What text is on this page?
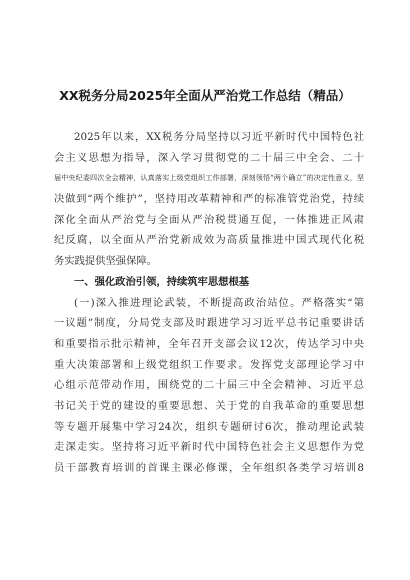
XX税务分局2025年全面从严治党工作总结（精品）
2025年以来，XX税务分局坚持以习近平新时代中国特色社
会主义思想为指导，深入学习贯彻党的二十届三中全会、二十
届中央纪委四次全会精神，认真落实上级党组织工作部署，深刻领悟“两个确立”的决定性意义，坚
决做到“两个维护”，坚持用改革精神和严的标准管党治党，持续
深化全面从严治党与全面从严治税贯通互促，一体推进正风肃
纪反腐，以全面从严治党新成效为高质量推进中国式现代化税
务实践提供坚强保障。
一、强化政治引领，持续筑牢思想根基
(一)深入推进理论武装，不断提高政治站位。严格落实“第
一议题”制度，分局党支部及时跟进学习习近平总书记重要讲话
和重要指示批示精神，全年召开支部会议12次，传达学习中央
重大决策部署和上级党组织工作要求。发挥党支部理论学习中
心组示范带动作用，围绕党的二十届三中全会精神、习近平总
书记关于党的建设的重要思想、关于党的自我革命的重要思想
等专题开展集中学习24次，组织专题研讨6次，推动理论武装
走深走实。坚持将习近平新时代中国特色社会主义思想作为党
员干部教育培训的首课主课必修课，全年组织各类学习培训8
